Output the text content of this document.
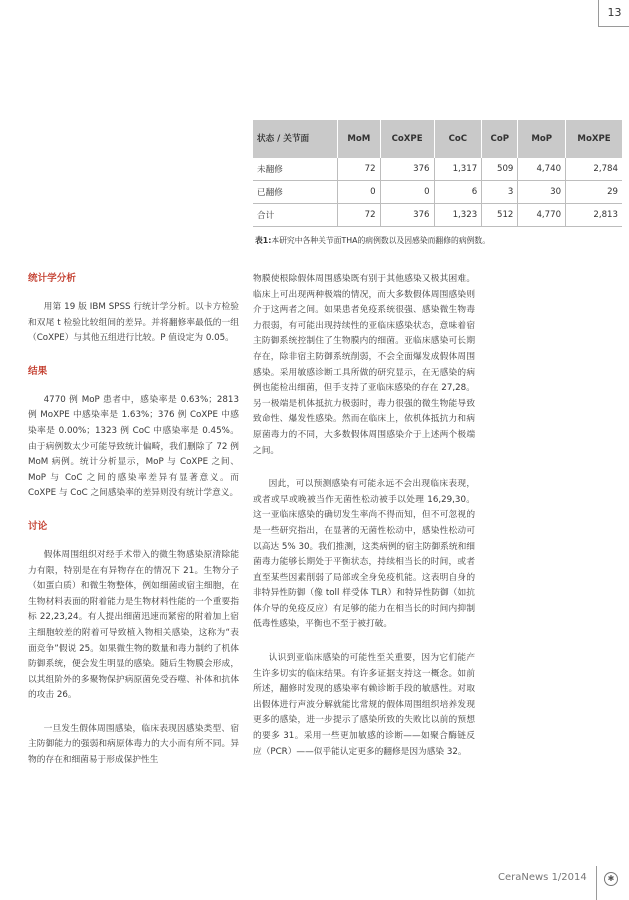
13
状态 / 关节面	MoM	CoXPE	CoC	CoP	MoP	MoXPE
未翻修	72	376	1,317	509	4,740	2,784
已翻修	0	0	6	3	30	29
合计	72	376	1,323	512	4,770	2,813
表1:本研究中各种关节面THA的病例数以及因感染而翻修的病例数。
统计学分析

用第 19 版 IBM SPSS 行统计学分析。以卡方检验和双尾 t 检验比较组间的差异。并将翻修率最低的一组（CoXPE）与其他五组进行比较。P 值设定为 0.05。

结果

4770 例 MoP 患者中，感染率是 0.63%；2813 例 MoXPE 中感染率是 1.63%；376 例 CoXPE 中感染率是 0.00%；1323 例 CoC 中感染率是 0.45%。由于病例数太少可能导致统计偏畸，我们删除了 72 例 MoM 病例。统计分析显示，MoP 与 CoXPE 之间、MoP 与 CoC 之间的感染率差异有显著意义。而 CoXPE 与 CoC 之间感染率的差异则没有统计学意义。

讨论

假体周围组织对经手术带入的微生物感染原清除能力有限，特别是在有异物存在的情况下 21。生物分子（如蛋白质）和微生物整体，例如细菌或宿主细胞，在生物材料表面的附着能力是生物材料性能的一个重要指标 22,23,24。有人提出细菌迅速而紧密的附着加上宿主细胞较差的附着可导致植入物相关感染，这称为“表面竞争”假说 25。如果微生物的数量和毒力制约了机体防御系统，便会发生明显的感染。随后生物膜会形成，以其组阶外的多聚物保护病原菌免受吞噬、补体和抗体的攻击 26。

一旦发生假体周围感染，临床表现因感染类型、宿主防御能力的强弱和病原体毒力的大小而有所不同。异物的存在和细菌易于形成保护性生

物膜使根除假体周围感染既有别于其他感染又极其困难。临床上可出现两种极端的情况，而大多数假体周围感染则介于这两者之间。如果患者免疫系统很强、感染微生物毒力很弱，有可能出现持续性的亚临床感染状态，意味着宿主防御系统控制住了生物膜内的细菌。亚临床感染可长期存在，除非宿主防御系统削弱，不会全面爆发成假体周围感染。采用敏感诊断工具所做的研究显示，在无感染的病例也能检出细菌，但手支持了亚临床感染的存在 27,28。另一极端是机体抵抗力极弱时，毒力很强的微生物能导致致命性、爆发性感染。然而在临床上，依机体抵抗力和病原菌毒力的不同，大多数假体周围感染介于上述两个极端之间。

因此，可以预测感染有可能永远不会出现临床表现，或者或早或晚被当作无菌性松动被手以处理 16,29,30。这一亚临床感染的确切发生率尚不得而知，但不可忽视的是一些研究指出，在显著的无菌性松动中，感染性松动可以高达 5% 30。我们推测，这类病例的宿主防御系统和细菌毒力能够长期处于平衡状态，持续相当长的时间，或者直至某些因素削弱了局部或全身免疫机能。这表明自身的非特异性防御（像 toll 样受体 TLR）和特异性防御（如抗体介导的免疫反应）有足够的能力在相当长的时间内抑制低毒性感染，平衡也不至于被打破。

认识到亚临床感染的可能性至关重要，因为它们能产生许多切实的临床结果。有许多证据支持这一概念。如前所述，翻修时发现的感染率有赖诊断手段的敏感性。对取出假体进行声波分解就能比常规的假体周围组织培养发现更多的感染，进一步提示了感染所致的失败比以前的预想的要多 31。采用一些更加敏感的诊断——如聚合酶链反应（PCR）——似乎能认定更多的翻修是因为感染 32。

CeraNews 1/2014	✱
